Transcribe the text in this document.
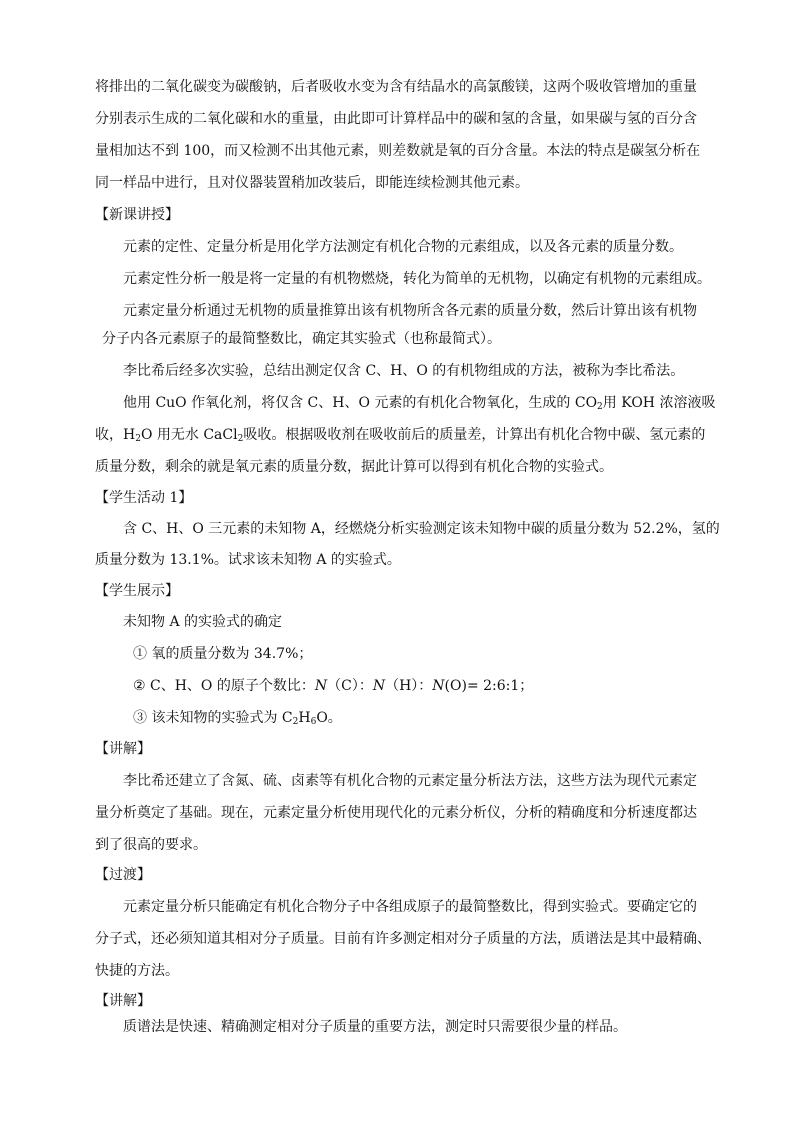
将排出的二氧化碳变为碳酸钠，后者吸收水变为含有结晶水的高氯酸镁，这两个吸收管增加的重量
分别表示生成的二氧化碳和水的重量，由此即可计算样品中的碳和氢的含量，如果碳与氢的百分含
量相加达不到 100，而又检测不出其他元素，则差数就是氧的百分含量。本法的特点是碳氢分析在
同一样品中进行，且对仪器装置稍加改装后，即能连续检测其他元素。
【新课讲授】
元素的定性、定量分析是用化学方法测定有机化合物的元素组成，以及各元素的质量分数。
元素定性分析一般是将一定量的有机物燃烧，转化为简单的无机物，以确定有机物的元素组成。
元素定量分析通过无机物的质量推算出该有机物所含各元素的质量分数，然后计算出该有机物
分子内各元素原子的最简整数比，确定其实验式（也称最简式）。
李比希后经多次实验，总结出测定仅含 C、H、O 的有机物组成的方法，被称为李比希法。
他用 CuO 作氧化剂，将仅含 C、H、O 元素的有机化合物氧化，生成的 $CO_2$用 KOH 浓溶液吸
收，$H_2O$ 用无水 CaCl$_2$吸收。根据吸收剂在吸收前后的质量差，计算出有机化合物中碳、氢元素的
质量分数，剩余的就是氧元素的质量分数，据此计算可以得到有机化合物的实验式。
【学生活动 1】
含 C、H、O 三元素的未知物 A，经燃烧分析实验测定该未知物中碳的质量分数为 52.2%，氢的
质量分数为 13.1%。试求该未知物 A 的实验式。
【学生展示】
未知物 A 的实验式的确定
① 氧的质量分数为 34.7%；
② C、H、O 的原子个数比：N（C）：N（H）：N(O)= 2:6:1；
③ 该未知物的实验式为 $C_2H_6O$。
【讲解】
李比希还建立了含氮、硫、卤素等有机化合物的元素定量分析法方法，这些方法为现代元素定
量分析奠定了基础。现在，元素定量分析使用现代化的元素分析仪，分析的精确度和分析速度都达
到了很高的要求。
【过渡】
元素定量分析只能确定有机化合物分子中各组成原子的最简整数比，得到实验式。要确定它的
分子式，还必须知道其相对分子质量。目前有许多测定相对分子质量的方法，质谱法是其中最精确、
快捷的方法。
【讲解】
质谱法是快速、精确测定相对分子质量的重要方法，测定时只需要很少量的样品。
